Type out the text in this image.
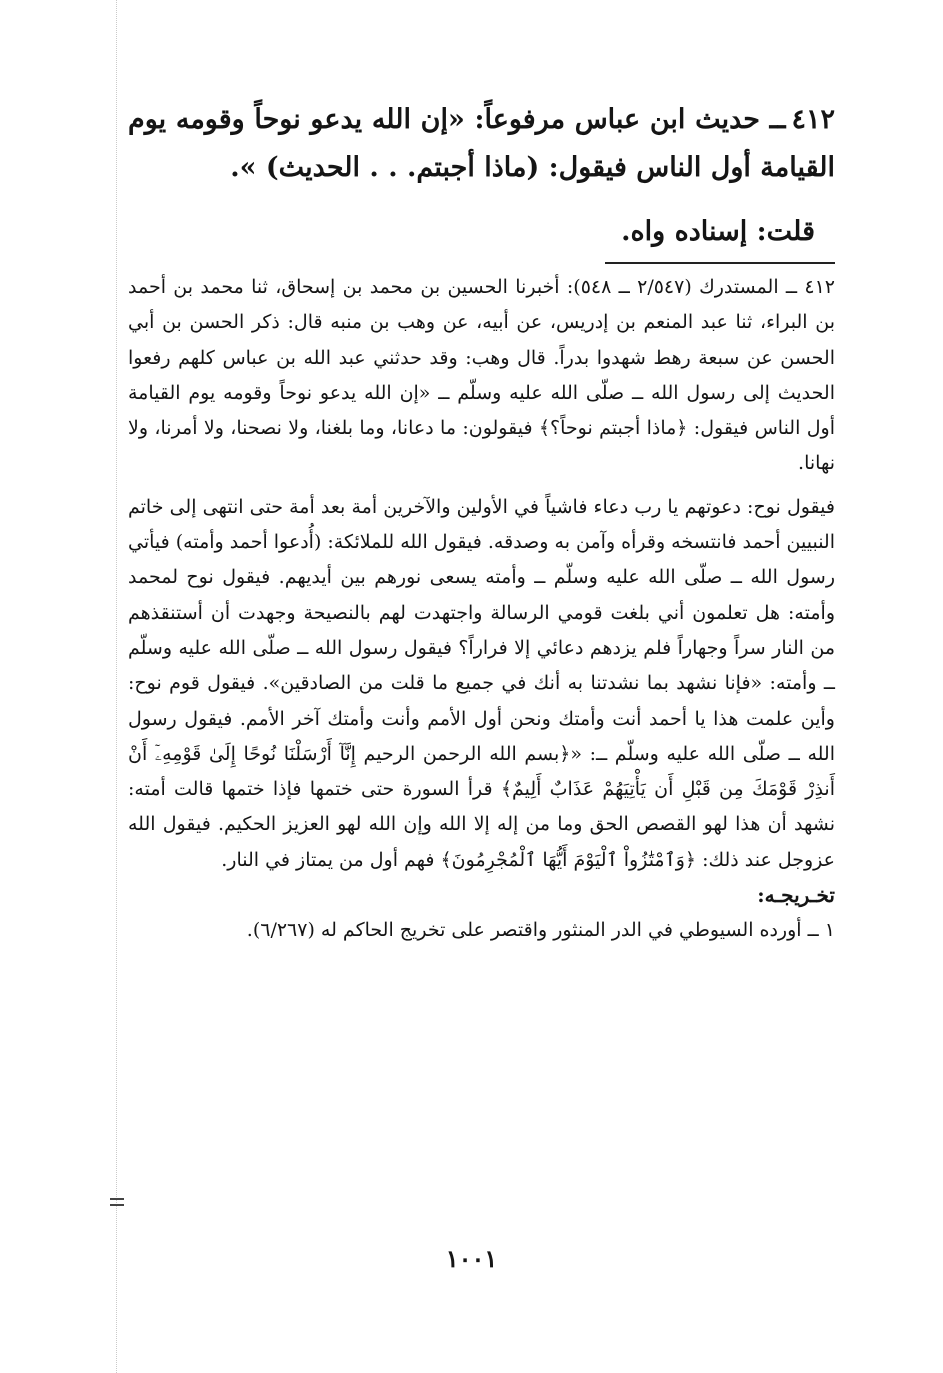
٤١٢ــ حديث ابن عباس مرفوعاً: «إن الله يدعو نوحاً وقومه يوم القيامة أول الناس فيقول: (ماذا أجبتم. . . الحديث) ».

قلت: إسناده واه.

٤١٢ ــ المستدرك (٢/٥٤٧ ــ ٥٤٨): أخبرنا الحسين بن محمد بن إسحاق، ثنا محمد بن أحمد بن البراء، ثنا عبد المنعم بن إدريس، عن أبيه، عن وهب بن منبه قال: ذكر الحسن بن أبي الحسن عن سبعة رهط شهدوا بدراً. قال وهب: وقد حدثني عبد الله بن عباس كلهم رفعوا الحديث إلى رسول الله ــ صلّى الله عليه وسلّم ــ «إن الله يدعو نوحاً وقومه يوم القيامة أول الناس فيقول: ﴿ماذا أجبتم نوحاً؟﴾ فيقولون: ما دعانا، وما بلغنا، ولا نصحنا، ولا أمرنا، ولا نهانا.

فيقول نوح: دعوتهم يا رب دعاء فاشياً في الأولين والآخرين أمة بعد أمة حتى انتهى إلى خاتم النبيين أحمد فانتسخه وقرأه وآمن به وصدقه. فيقول الله للملائكة: (أُدعوا أحمد وأمته) فيأتي رسول الله ــ صلّى الله عليه وسلّم ــ وأمته يسعى نورهم بين أيديهم. فيقول نوح لمحمد وأمته: هل تعلمون أني بلغت قومي الرسالة واجتهدت لهم بالنصيحة وجهدت أن أستنقذهم من النار سراً وجهاراً فلم يزدهم دعائي إلا فراراً؟ فيقول رسول الله ــ صلّى الله عليه وسلّم ــ وأمته: «فإنا نشهد بما نشدتنا به أنك في جميع ما قلت من الصادقين». فيقول قوم نوح: وأين علمت هذا يا أحمد أنت وأمتك ونحن أول الأمم وأنت وأمتك آخر الأمم. فيقول رسول الله ــ صلّى الله عليه وسلّم ــ: «﴿بسم الله الرحمن الرحيم إِنَّآ أَرْسَلْنَا نُوحًا إِلَىٰ قَوْمِهِۦٓ أَنْ أَنذِرْ قَوْمَكَ مِن قَبْلِ أَن يَأْتِيَهُمْ عَذَابٌ أَلِيمٌ﴾ قرأ السورة حتى ختمها فإذا ختمها قالت أمته: نشهد أن هذا لهو القصص الحق وما من إله إلا الله وإن الله لهو العزيز الحكيم. فيقول الله عزوجل عند ذلك: ﴿وَٱمْتَٰزُواْ ٱلْيَوْمَ أَيُّهَا ٱلْمُجْرِمُونَ﴾ فهم أول من يمتاز في النار.

تخـريجـه:

١ ــ أورده السيوطي في الدر المنثور واقتصر على تخريج الحاكم له (٦/٢٦٧).

١٠٠١
